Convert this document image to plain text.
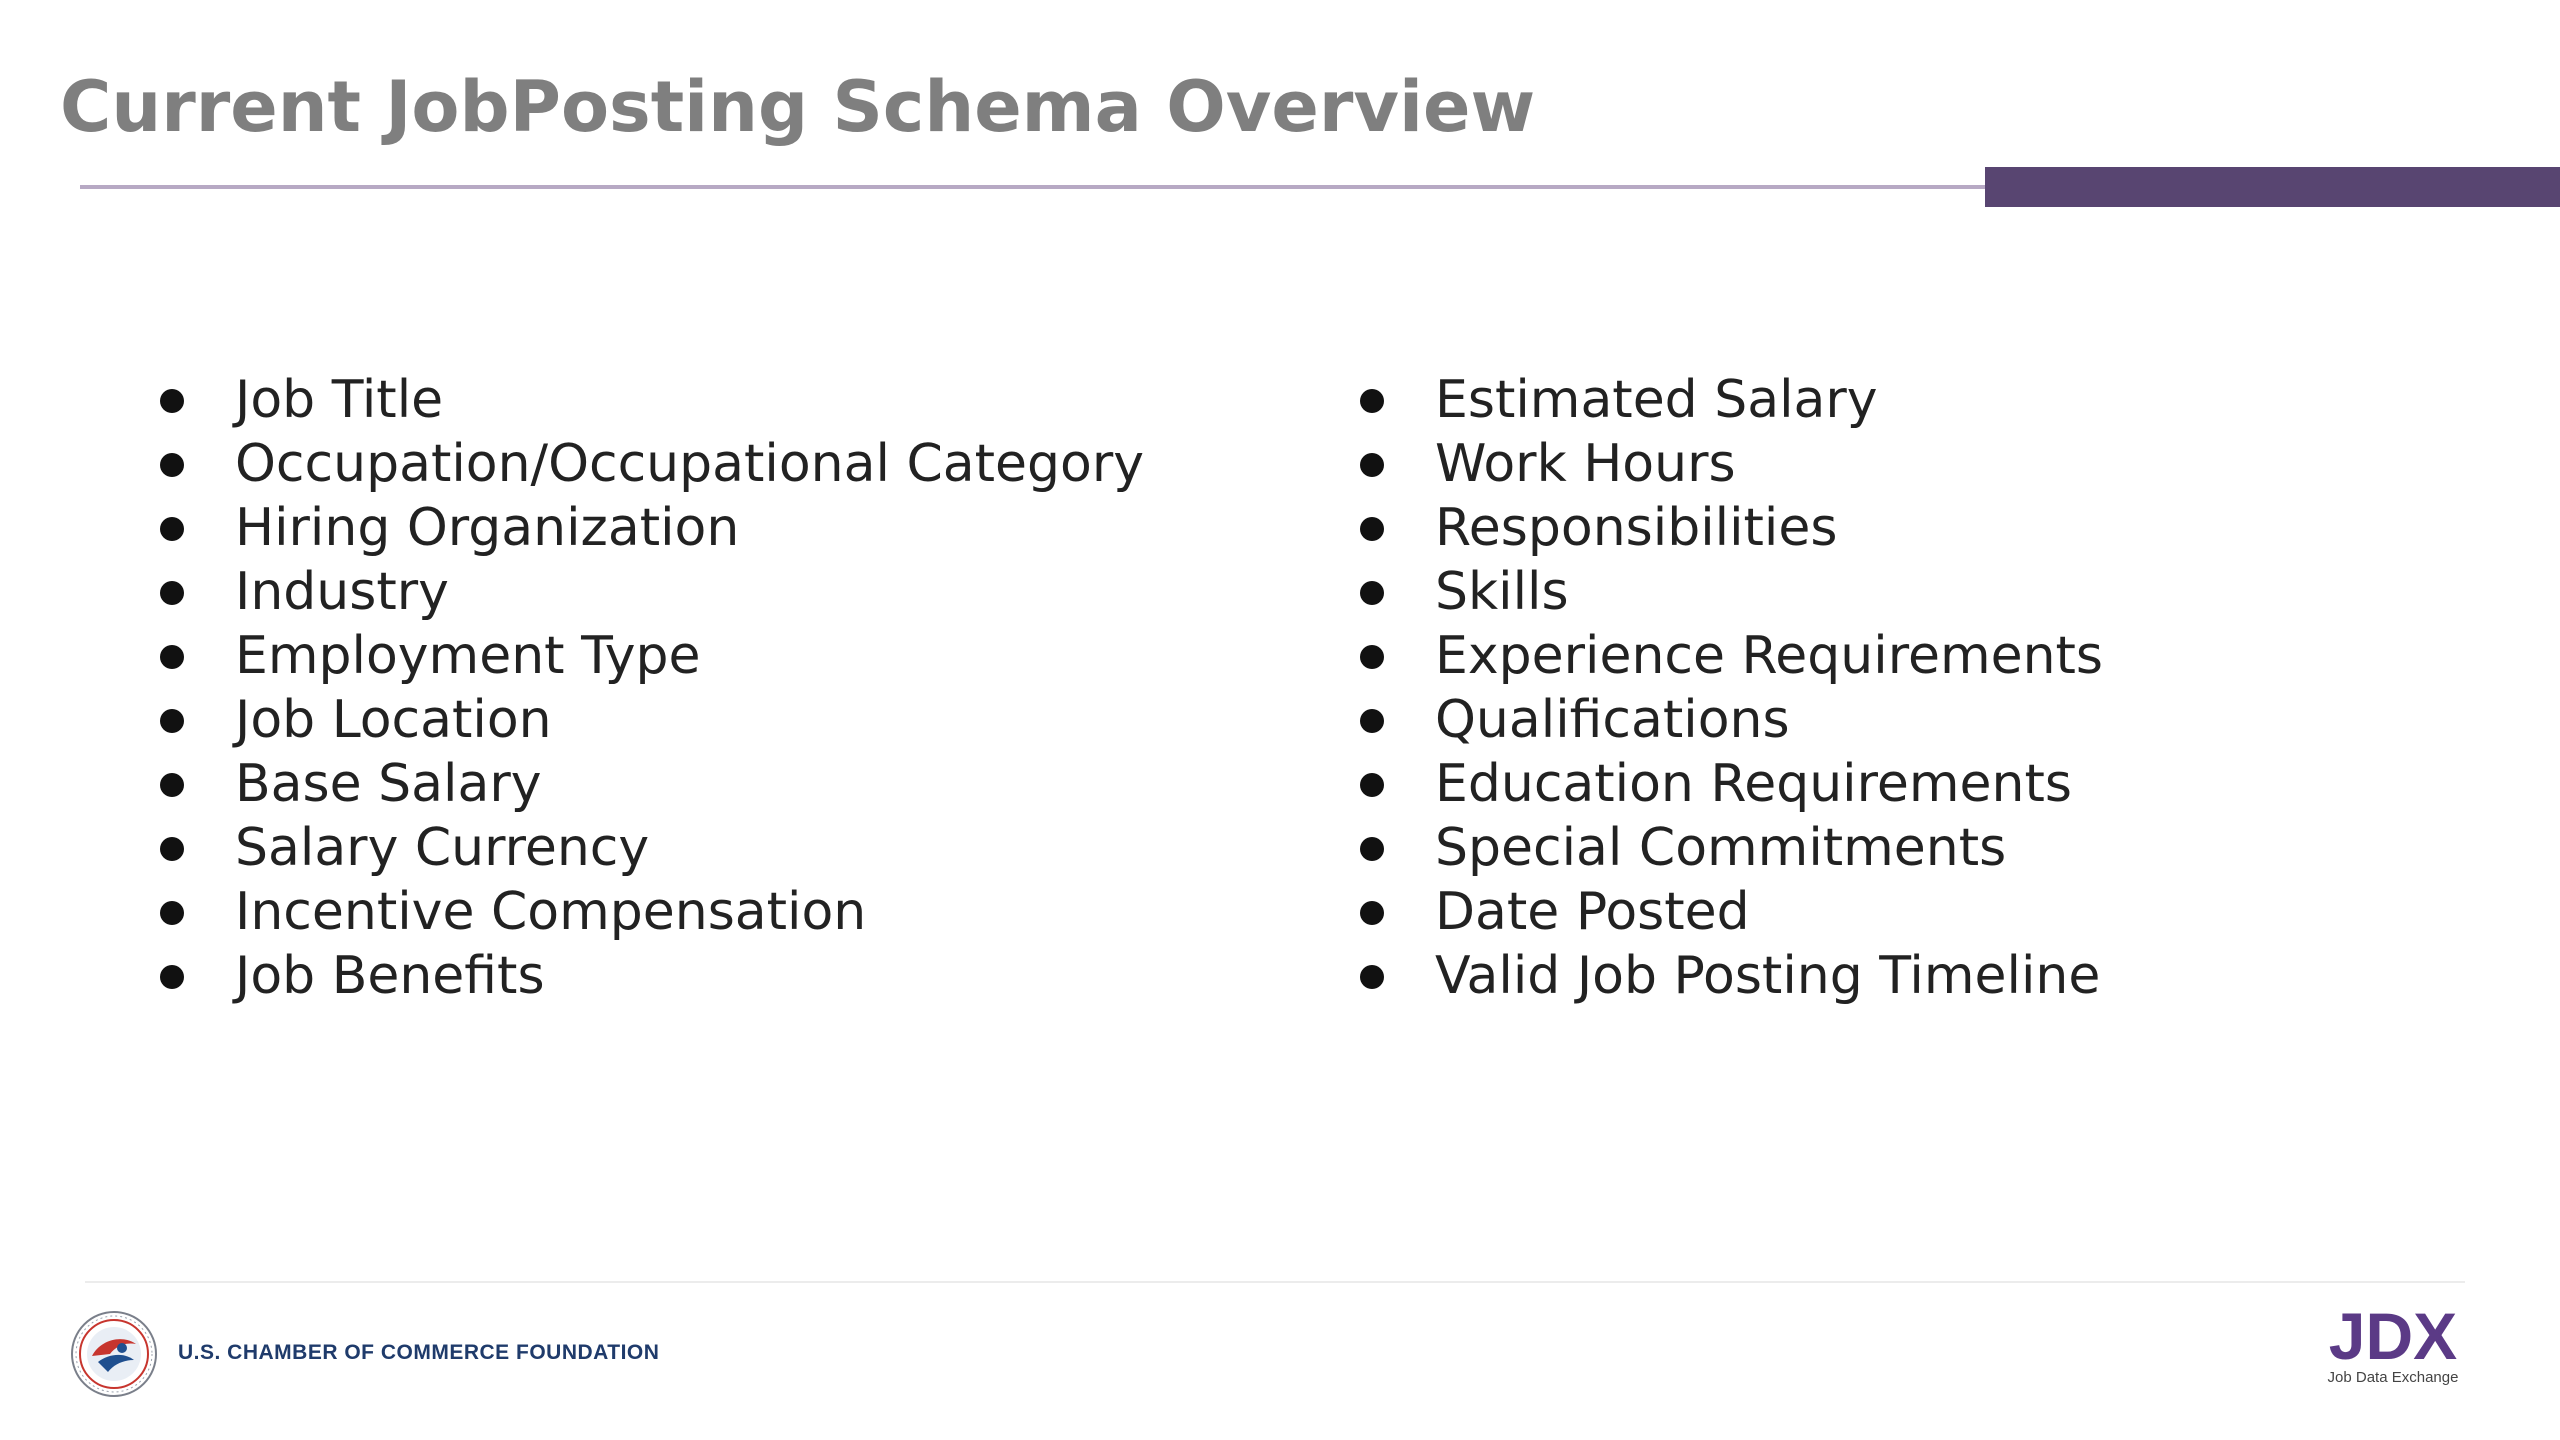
Current JobPosting Schema Overview
Job Title
Occupation/Occupational Category
Hiring Organization
Industry
Employment Type
Job Location
Base Salary
Salary Currency
Incentive Compensation
Job Benefits
Estimated Salary
Work Hours
Responsibilities
Skills
Experience Requirements
Qualifications
Education Requirements
Special Commitments
Date Posted
Valid Job Posting Timeline
U.S. CHAMBER OF COMMERCE FOUNDATION	JDX
Job Data Exchange
